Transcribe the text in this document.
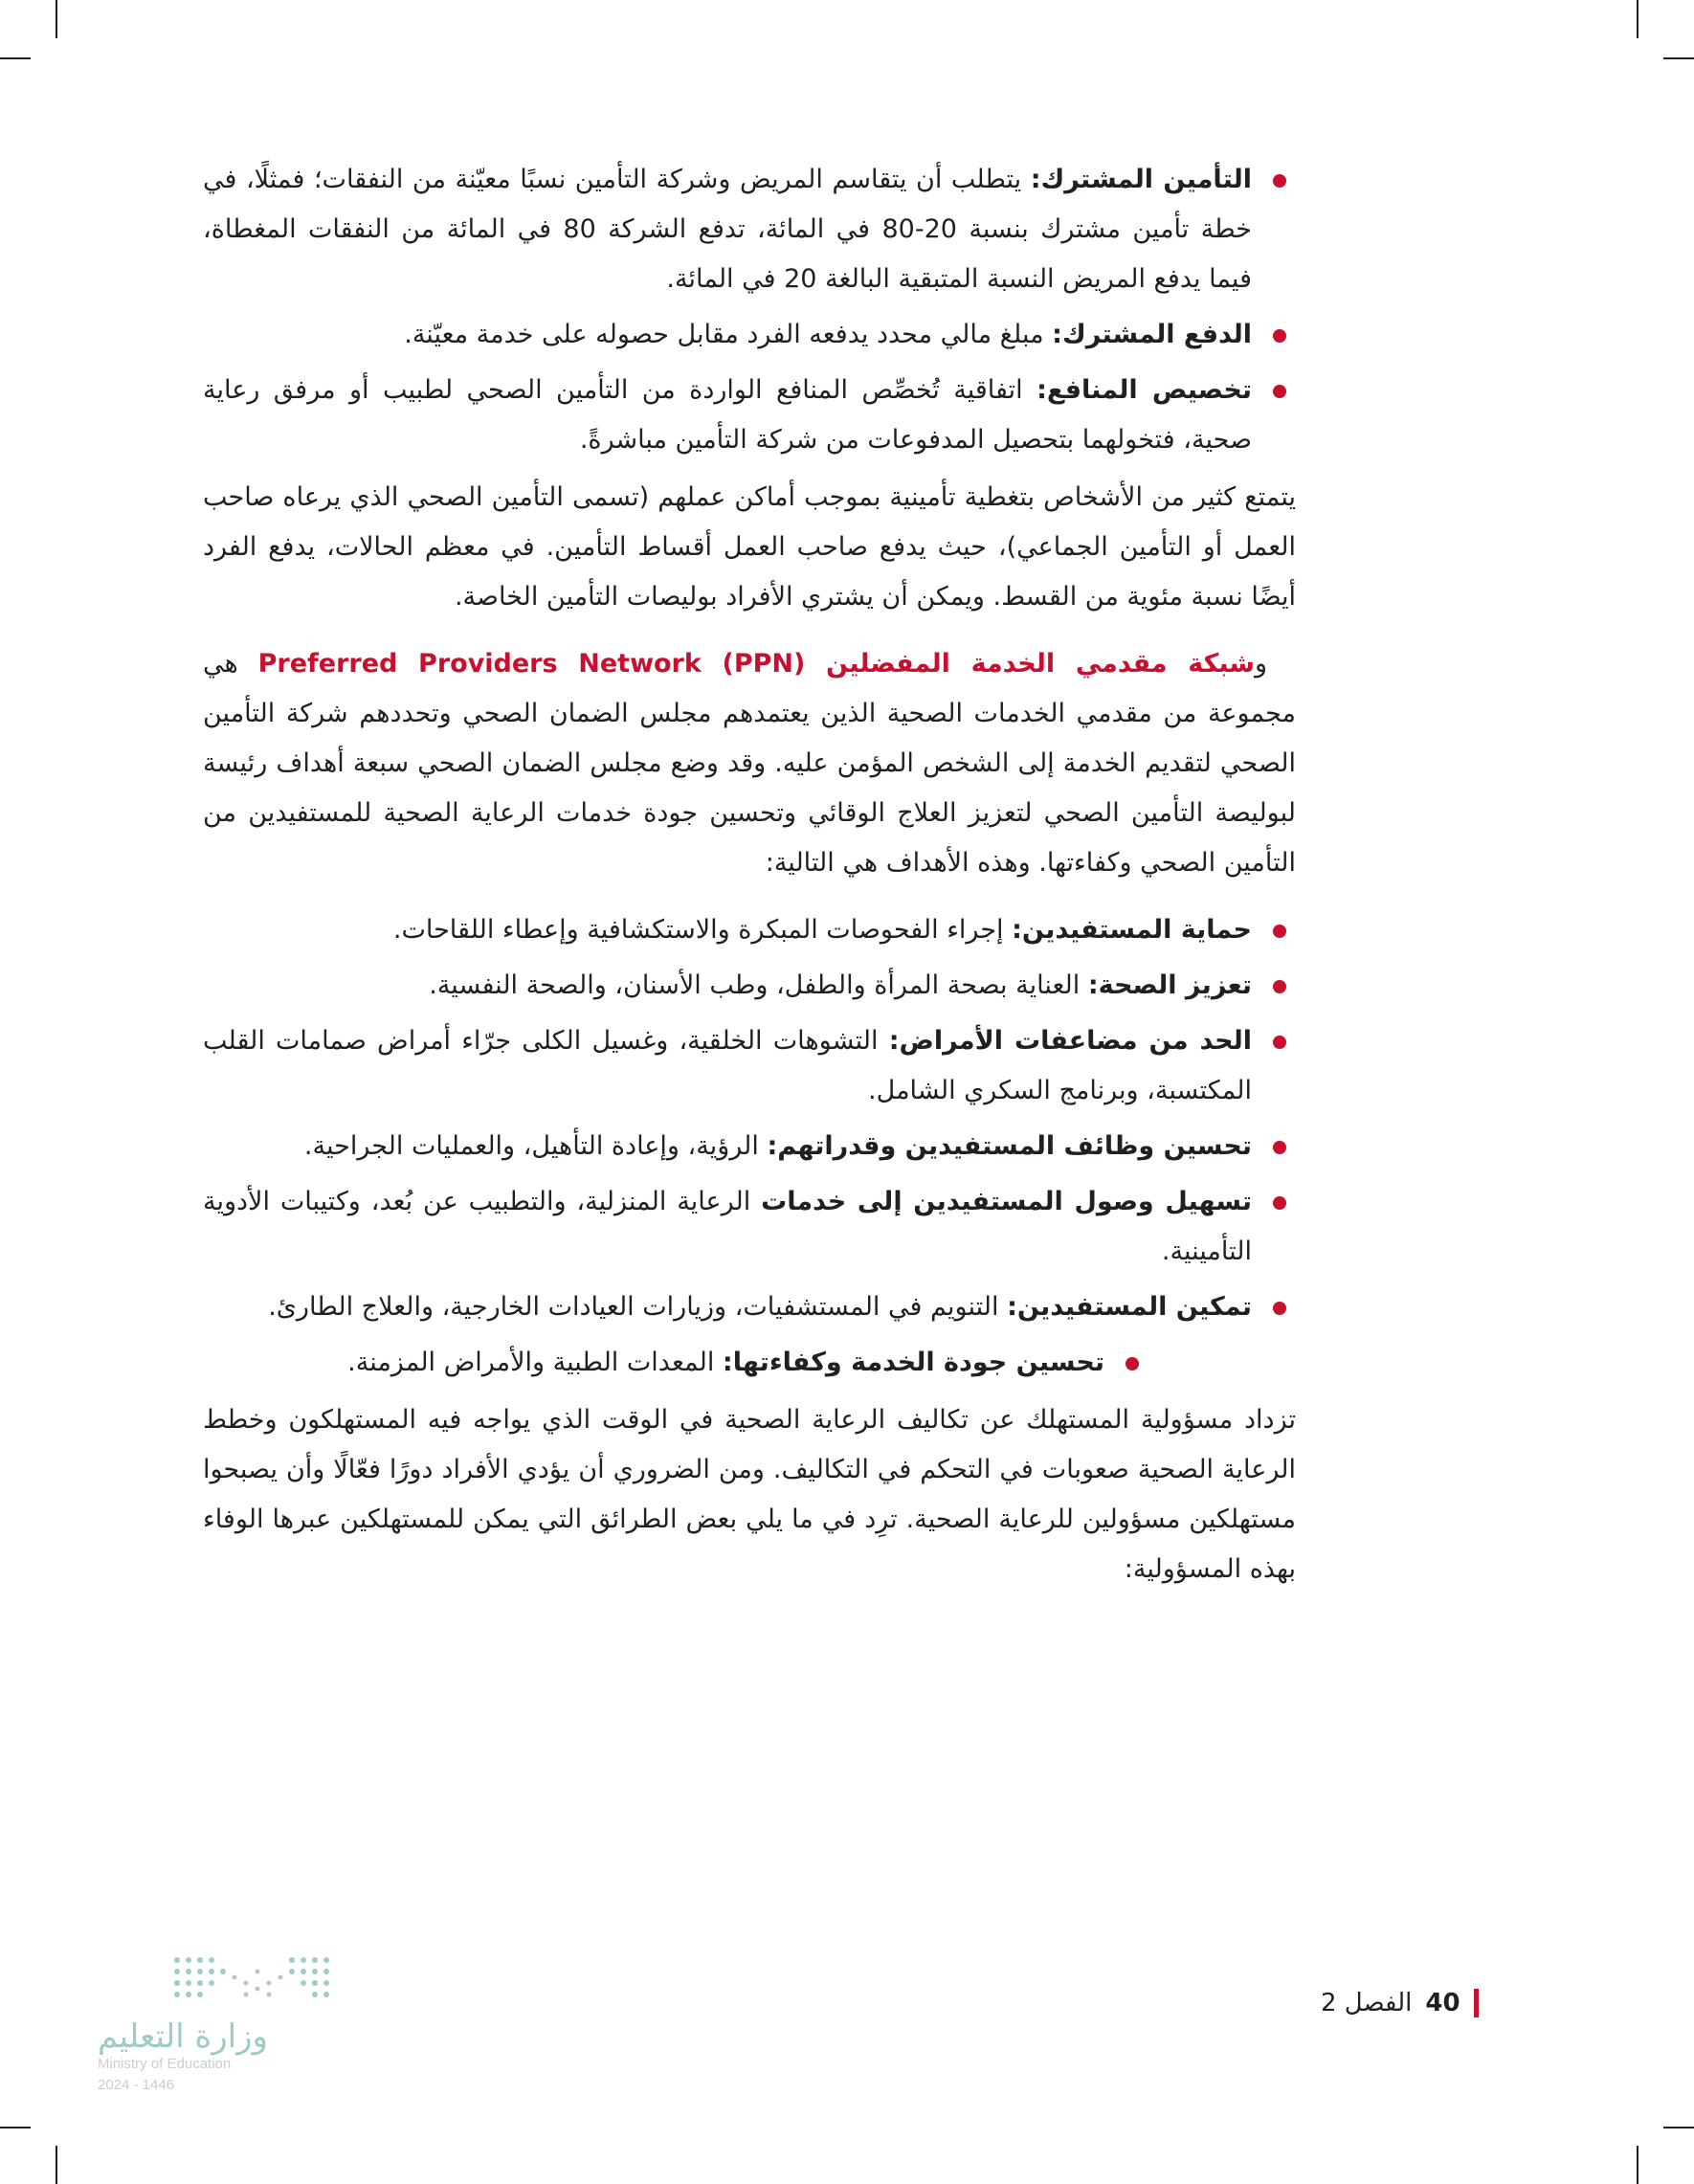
التأمين المشترك: يتطلب أن يتقاسم المريض وشركة التأمين نسبًا معيّنة من النفقات؛ فمثلًا، في خطة تأمين مشترك بنسبة 20-80 في المائة، تدفع الشركة 80 في المائة من النفقات المغطاة، فيما يدفع المريض النسبة المتبقية البالغة 20 في المائة.
الدفع المشترك: مبلغ مالي محدد يدفعه الفرد مقابل حصوله على خدمة معيّنة.
تخصيص المنافع: اتفاقية تُخصِّص المنافع الواردة من التأمين الصحي لطبيب أو مرفق رعاية صحية، فتخولهما بتحصيل المدفوعات من شركة التأمين مباشرةً.

يتمتع كثير من الأشخاص بتغطية تأمينية بموجب أماكن عملهم (تسمى التأمين الصحي الذي يرعاه صاحب العمل أو التأمين الجماعي)، حيث يدفع صاحب العمل أقساط التأمين. في معظم الحالات، يدفع الفرد أيضًا نسبة مئوية من القسط. ويمكن أن يشتري الأفراد بوليصات التأمين الخاصة.

وشبكة مقدمي الخدمة المفضلين Preferred Providers Network (PPN) هي مجموعة من مقدمي الخدمات الصحية الذين يعتمدهم مجلس الضمان الصحي وتحددهم شركة التأمين الصحي لتقديم الخدمة إلى الشخص المؤمن عليه. وقد وضع مجلس الضمان الصحي سبعة أهداف رئيسة لبوليصة التأمين الصحي لتعزيز العلاج الوقائي وتحسين جودة خدمات الرعاية الصحية للمستفيدين من التأمين الصحي وكفاءتها. وهذه الأهداف هي التالية:

حماية المستفيدين: إجراء الفحوصات المبكرة والاستكشافية وإعطاء اللقاحات.
تعزيز الصحة: العناية بصحة المرأة والطفل، وطب الأسنان، والصحة النفسية.
الحد من مضاعفات الأمراض: التشوهات الخلقية، وغسيل الكلى جرّاء أمراض صمامات القلب المكتسبة، وبرنامج السكري الشامل.
تحسين وظائف المستفيدين وقدراتهم: الرؤية، وإعادة التأهيل، والعمليات الجراحية.
تسهيل وصول المستفيدين إلى خدمات الرعاية المنزلية، والتطبيب عن بُعد، وكتيبات الأدوية التأمينية.
تمكين المستفيدين: التنويم في المستشفيات، وزيارات العيادات الخارجية، والعلاج الطارئ.
تحسين جودة الخدمة وكفاءتها: المعدات الطبية والأمراض المزمنة.

تزداد مسؤولية المستهلك عن تكاليف الرعاية الصحية في الوقت الذي يواجه فيه المستهلكون وخطط الرعاية الصحية صعوبات في التحكم في التكاليف. ومن الضروري أن يؤدي الأفراد دورًا فعّالًا وأن يصبحوا مستهلكين مسؤولين للرعاية الصحية. ترِد في ما يلي بعض الطرائق التي يمكن للمستهلكين عبرها الوفاء بهذه المسؤولية:

40
الفصل 2
وزارة التعليم
Ministry of Education
2024 - 1446
